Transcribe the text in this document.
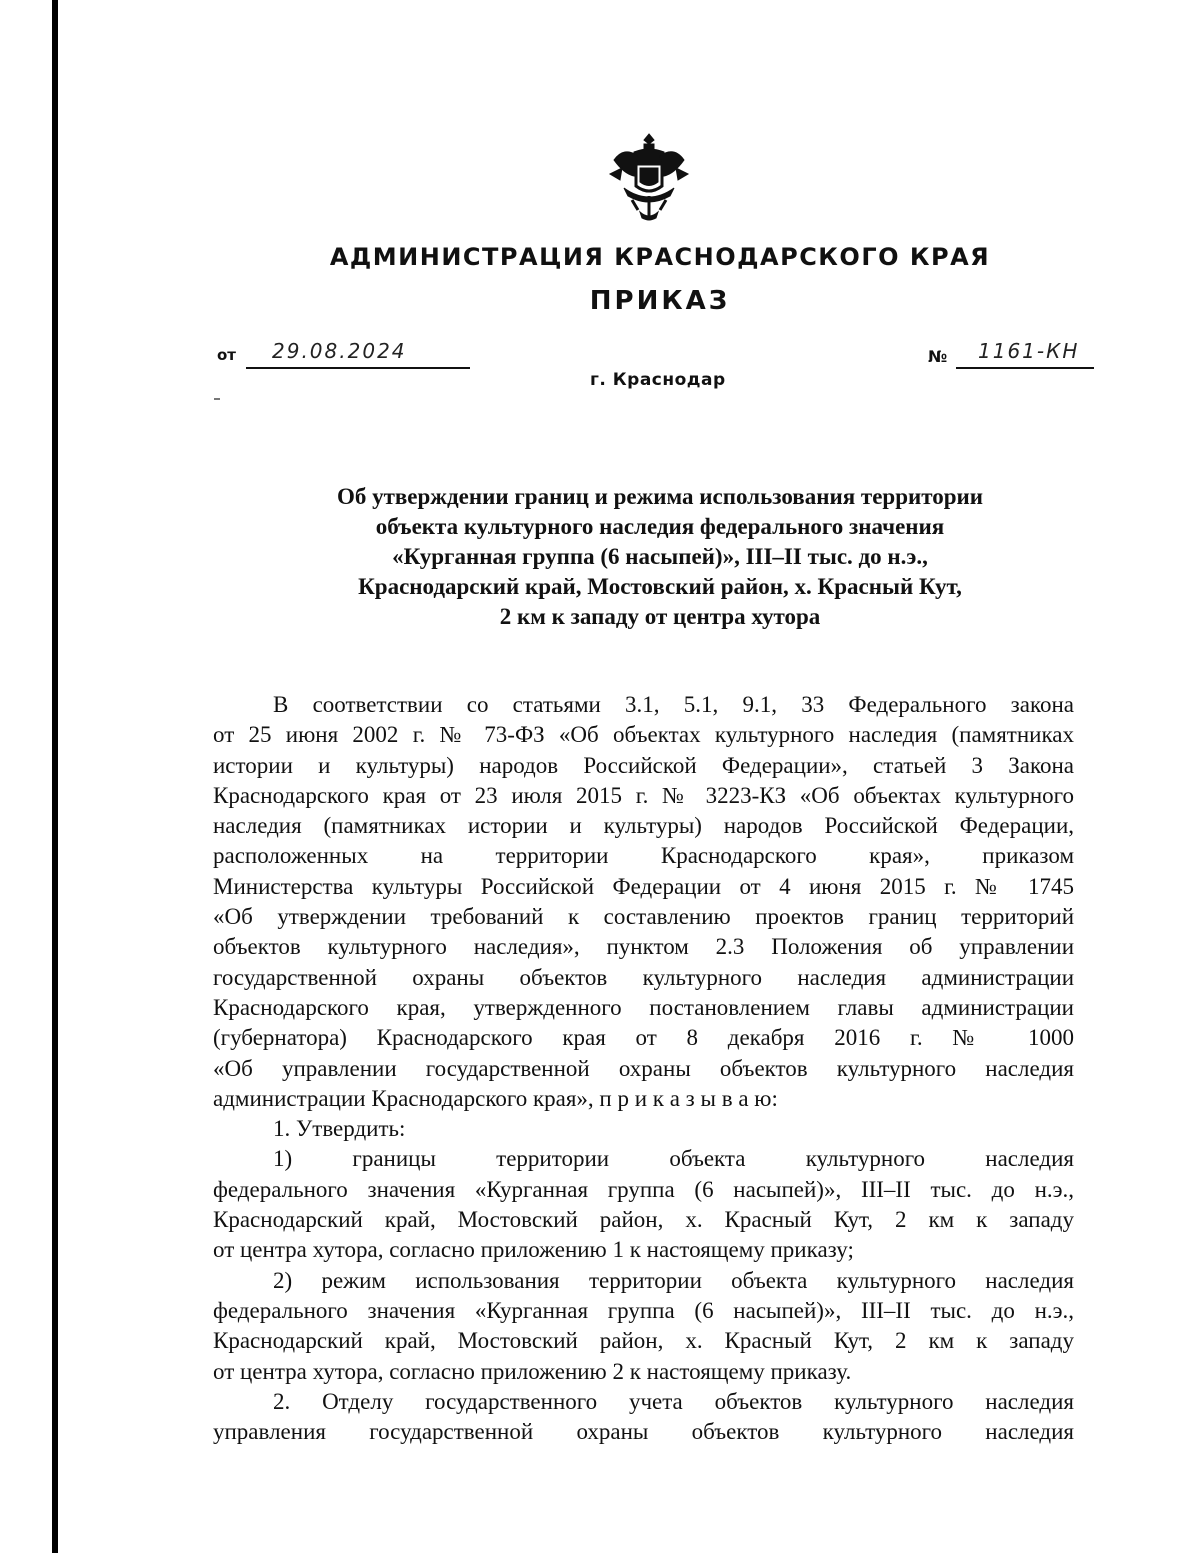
АДМИНИСТРАЦИЯ КРАСНОДАРСКОГО КРАЯ
ПРИКАЗ
от 29.08.2024	№ 1161-КН
г. Краснодар
Об утверждении границ и режима использования территории
объекта культурного наследия федерального значения
«Курганная группа (6 насыпей)», III–II тыс. до н.э.,
Краснодарский край, Мостовский район, х. Красный Кут,
2 км к западу от центра хутора
В соответствии со статьями 3.1, 5.1, 9.1, 33 Федерального закона
от 25 июня 2002 г. № 73-ФЗ «Об объектах культурного наследия (памятниках
истории и культуры) народов Российской Федерации», статьей 3 Закона
Краснодарского края от 23 июля 2015 г. № 3223-КЗ «Об объектах культурного
наследия (памятниках истории и культуры) народов Российской Федерации,
расположенных на территории Краснодарского края», приказом
Министерства культуры Российской Федерации от 4 июня 2015 г. № 1745
«Об утверждении требований к составлению проектов границ территорий
объектов культурного наследия», пунктом 2.3 Положения об управлении
государственной охраны объектов культурного наследия администрации
Краснодарского края, утвержденного постановлением главы администрации
(губернатора) Краснодарского края от 8 декабря 2016 г. № 1000
«Об управлении государственной охраны объектов культурного наследия
администрации Краснодарского края», п р и к а з ы в а ю:
1. Утвердить:
1) границы территории объекта культурного наследия
федерального значения «Курганная группа (6 насыпей)», III–II тыс. до н.э.,
Краснодарский край, Мостовский район, х. Красный Кут, 2 км к западу
от центра хутора, согласно приложению 1 к настоящему приказу;
2) режим использования территории объекта культурного наследия
федерального значения «Курганная группа (6 насыпей)», III–II тыс. до н.э.,
Краснодарский край, Мостовский район, х. Красный Кут, 2 км к западу
от центра хутора, согласно приложению 2 к настоящему приказу.
2. Отделу государственного учета объектов культурного наследия
управления государственной охраны объектов культурного наследия
